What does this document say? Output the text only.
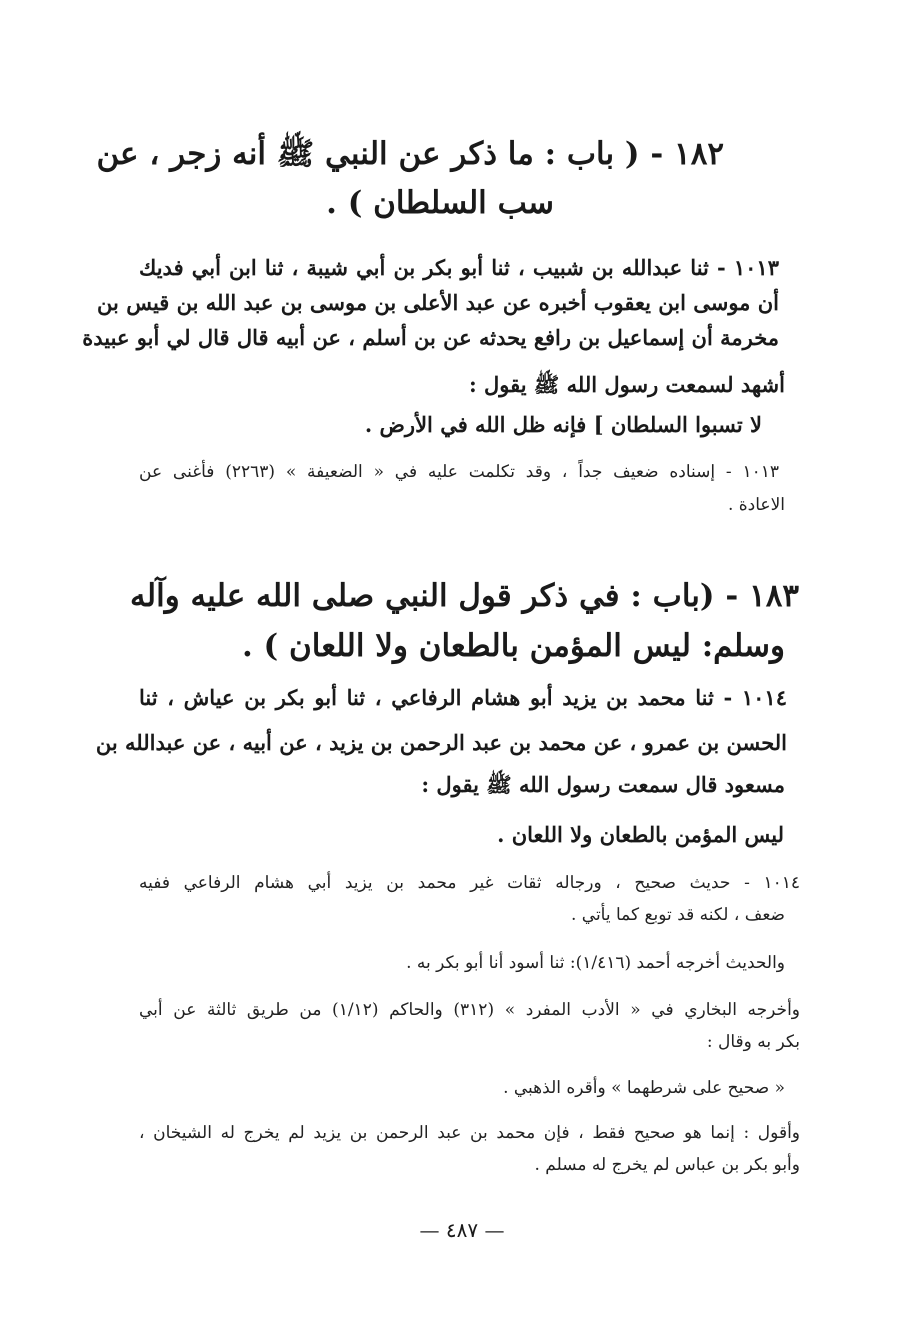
١٨٢ - ( باب : ما ذكر عن النبي ﷺ أنه زجر ، عن
سب السلطان ) .
١٠١٣ - ثنا عبدالله بن شبيب ، ثنا أبو بكر بن أبي شيبة ، ثنا ابن أبي فديك
أن موسى ابن يعقوب أخبره عن عبد الأعلى بن موسى بن عبد الله بن قيس بن
مخرمة أن إسماعيل بن رافع يحدثه عن بن أسلم ، عن أبيه قال قال لي أبو عبيدة
أشهد لسمعت رسول الله ﷺ يقول :
لا تسبوا السلطان ] فإنه ظل الله في الأرض .
١٠١٣ - إسناده ضعيف جداً ، وقد تكلمت عليه في « الضعيفة » (٢٢٦٣) فأغنى عن
الاعادة .
١٨٣ - (باب : في ذكر قول النبي صلى الله عليه وآله
وسلم: ليس المؤمن بالطعان ولا اللعان ) .
١٠١٤ - ثنا محمد بن يزيد أبو هشام الرفاعي ، ثنا أبو بكر بن عياش ، ثنا
الحسن بن عمرو ، عن محمد بن عبد الرحمن بن يزيد ، عن أبيه ، عن عبدالله بن
مسعود قال سمعت رسول الله ﷺ يقول :
ليس المؤمن بالطعان ولا اللعان .
١٠١٤ - حديث صحيح ، ورجاله ثقات غير محمد بن يزيد أبي هشام الرفاعي ففيه
ضعف ، لكنه قد توبع كما يأتي .
والحديث أخرجه أحمد (١/٤١٦): ثنا أسود أنا أبو بكر به .
وأخرجه البخاري في « الأدب المفرد » (٣١٢) والحاكم (١/١٢) من طريق ثالثة عن أبي
بكر به وقال :
« صحيح على شرطهما » وأقره الذهبي .
وأقول : إنما هو صحيح فقط ، فإن محمد بن عبد الرحمن بن يزيد لم يخرج له الشيخان ،
وأبو بكر بن عباس لم يخرج له مسلم .
— ٤٨٧ —
